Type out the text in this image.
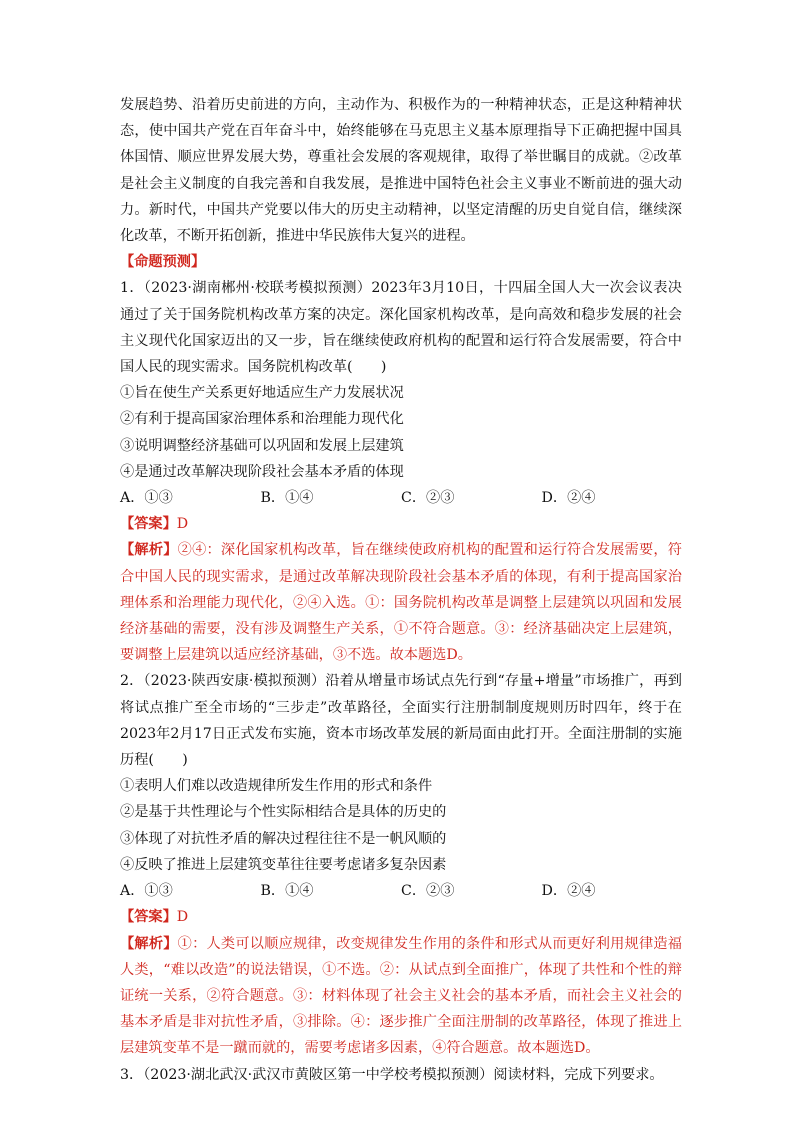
发展趋势、沿着历史前进的方向，主动作为、积极作为的一种精神状态，正是这种精神状态，使中国共产党在百年奋斗中，始终能够在马克思主义基本原理指导下正确把握中国具体国情、顺应世界发展大势，尊重社会发展的客观规律，取得了举世瞩目的成就。②改革是社会主义制度的自我完善和自我发展，是推进中国特色社会主义事业不断前进的强大动力。新时代，中国共产党要以伟大的历史主动精神，以坚定清醒的历史自觉自信，继续深化改革，不断开拓创新，推进中华民族伟大复兴的进程。

【命题预测】

1．（2023·湖南郴州·校联考模拟预测）2023年3月10日，十四届全国人大一次会议表决通过了关于国务院机构改革方案的决定。深化国家机构改革，是向高效和稳步发展的社会主义现代化国家迈出的又一步，旨在继续使政府机构的配置和运行符合发展需要，符合中国人民的现实需求。国务院机构改革(　　)

①旨在使生产关系更好地适应生产力发展状况

②有利于提高国家治理体系和治理能力现代化

③说明调整经济基础可以巩固和发展上层建筑

④是通过改革解决现阶段社会基本矛盾的体现

A．①③	B．①④	C．②③	D．②④

【答案】D

【解析】②④：深化国家机构改革，旨在继续使政府机构的配置和运行符合发展需要，符合中国人民的现实需求，是通过改革解决现阶段社会基本矛盾的体现，有利于提高国家治理体系和治理能力现代化，②④入选。①：国务院机构改革是调整上层建筑以巩固和发展经济基础的需要，没有涉及调整生产关系，①不符合题意。③：经济基础决定上层建筑，要调整上层建筑以适应经济基础，③不选。故本题选D。

2．（2023·陕西安康·模拟预测）沿着从增量市场试点先行到“存量+增量”市场推广，再到将试点推广至全市场的“三步走”改革路径，全面实行注册制制度规则历时四年，终于在2023年2月17日正式发布实施，资本市场改革发展的新局面由此打开。全面注册制的实施历程(　　)

①表明人们难以改造规律所发生作用的形式和条件

②是基于共性理论与个性实际相结合是具体的历史的

③体现了对抗性矛盾的解决过程往往不是一帆风顺的

④反映了推进上层建筑变革往往要考虑诸多复杂因素

A．①③	B．①④	C．②③	D．②④

【答案】D

【解析】①：人类可以顺应规律，改变规律发生作用的条件和形式从而更好利用规律造福人类，“难以改造”的说法错误，①不选。②：从试点到全面推广，体现了共性和个性的辩证统一关系，②符合题意。③：材料体现了社会主义社会的基本矛盾，而社会主义社会的基本矛盾是非对抗性矛盾，③排除。④：逐步推广全面注册制的改革路径，体现了推进上层建筑变革不是一蹴而就的，需要考虑诸多因素，④符合题意。故本题选D。

3．（2023·湖北武汉·武汉市黄陂区第一中学校考模拟预测）阅读材料，完成下列要求。
